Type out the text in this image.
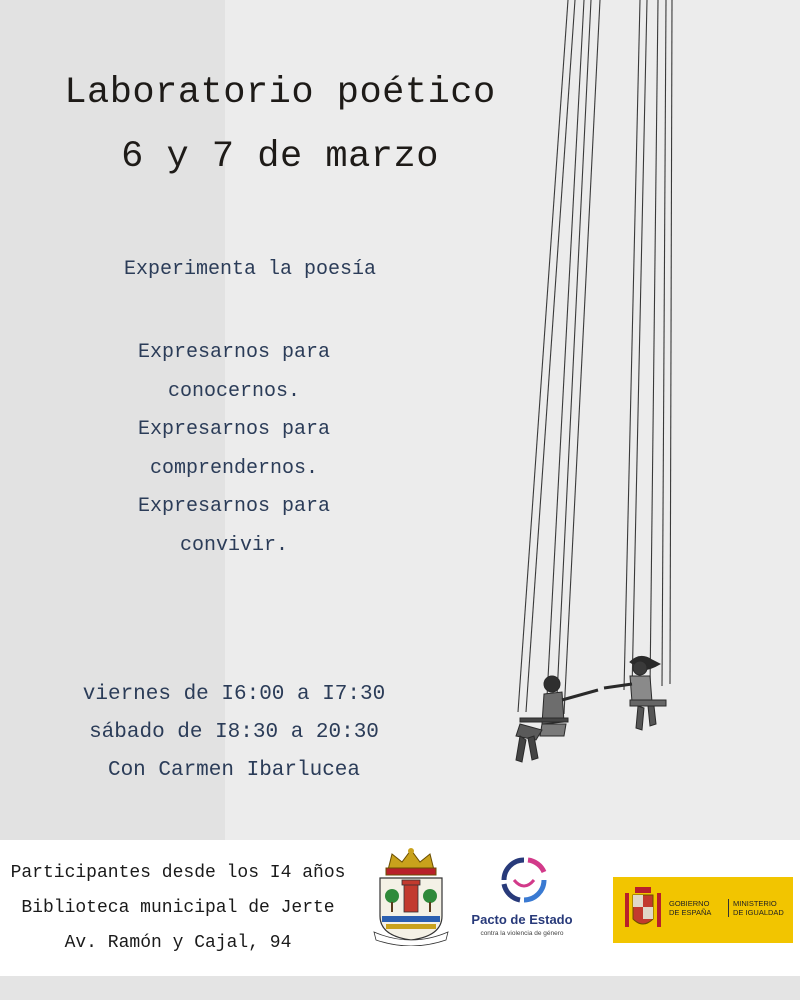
Laboratorio poético
6 y 7 de marzo

Experimenta la poesía

Expresarnos para
conocernos.
Expresarnos para
comprendernos.
Expresarnos para
convivir.
viernes de I6:00 a I7:30
sábado de I8:30 a 20:30
Con Carmen Ibarlucea
Participantes desde los I4 años
Biblioteca municipal de Jerte
Av. Ramón y Cajal, 94
Pacto de Estado
contra la violencia de género
GOBIERNO
DE ESPAÑA
MINISTERIO
DE IGUALDAD
